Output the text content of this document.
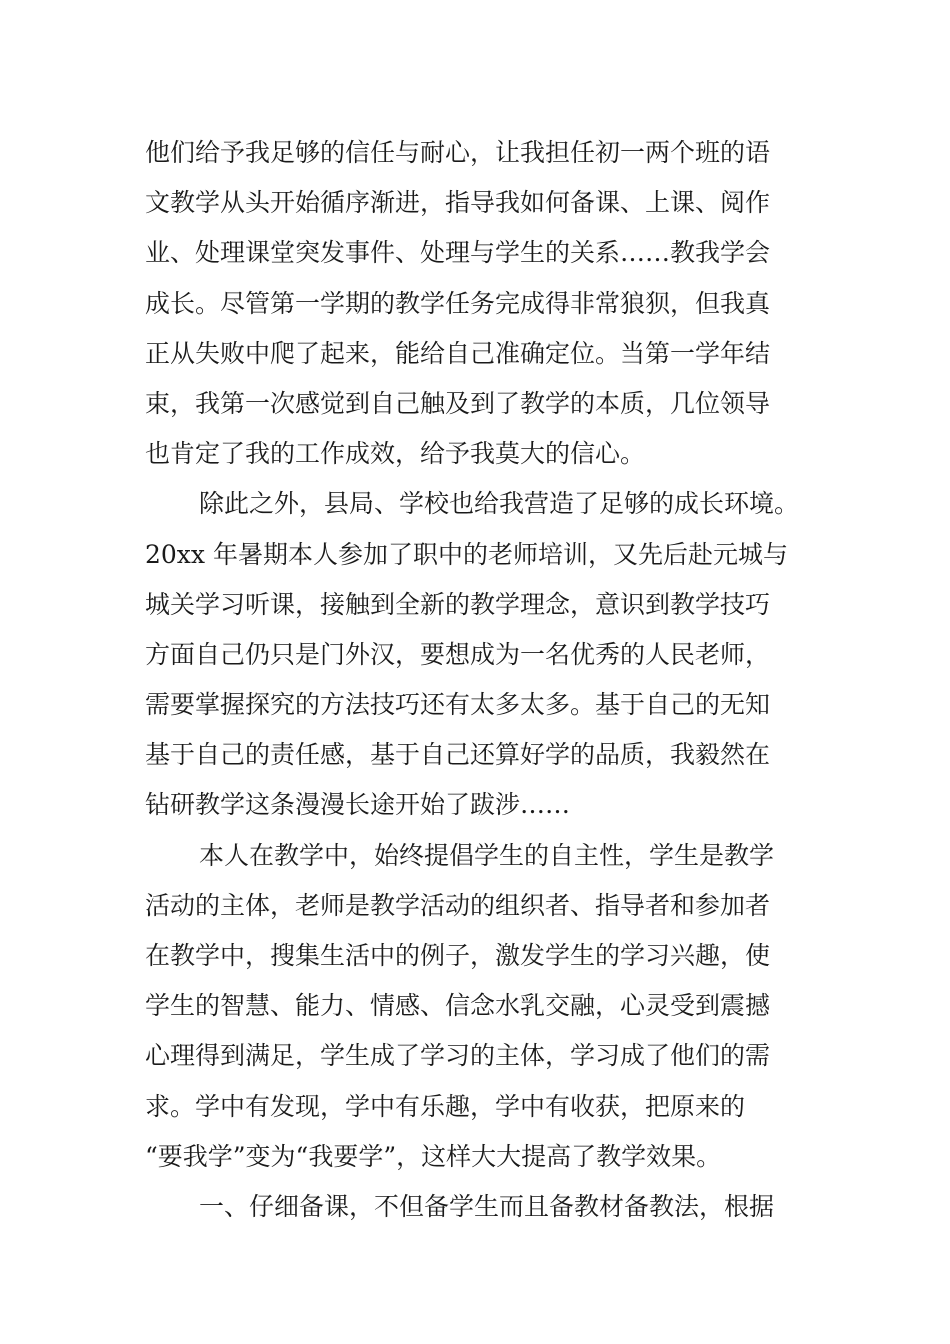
他们给予我足够的信任与耐心，让我担任初一两个班的语
文教学从头开始循序渐进，指导我如何备课、上课、阅作
业、处理课堂突发事件、处理与学生的关系……教我学会
成长。尽管第一学期的教学任务完成得非常狼狈，但我真
正从失败中爬了起来，能给自己准确定位。当第一学年结
束，我第一次感觉到自己触及到了教学的本质，几位领导
也肯定了我的工作成效，给予我莫大的信心。
除此之外，县局、学校也给我营造了足够的成长环境。
20xx 年暑期本人参加了职中的老师培训，又先后赴元城与
城关学习听课，接触到全新的教学理念，意识到教学技巧
方面自己仍只是门外汉，要想成为一名优秀的人民老师，
需要掌握探究的方法技巧还有太多太多。基于自己的无知
基于自己的责任感，基于自己还算好学的品质，我毅然在
钻研教学这条漫漫长途开始了跋涉……
本人在教学中，始终提倡学生的自主性，学生是教学
活动的主体，老师是教学活动的组织者、指导者和参加者
在教学中，搜集生活中的例子，激发学生的学习兴趣，使
学生的智慧、能力、情感、信念水乳交融，心灵受到震撼
心理得到满足，学生成了学习的主体，学习成了他们的需
求。学中有发现，学中有乐趣，学中有收获，把原来的
“要我学”变为“我要学”，这样大大提高了教学效果。
一、仔细备课，不但备学生而且备教材备教法，根据
